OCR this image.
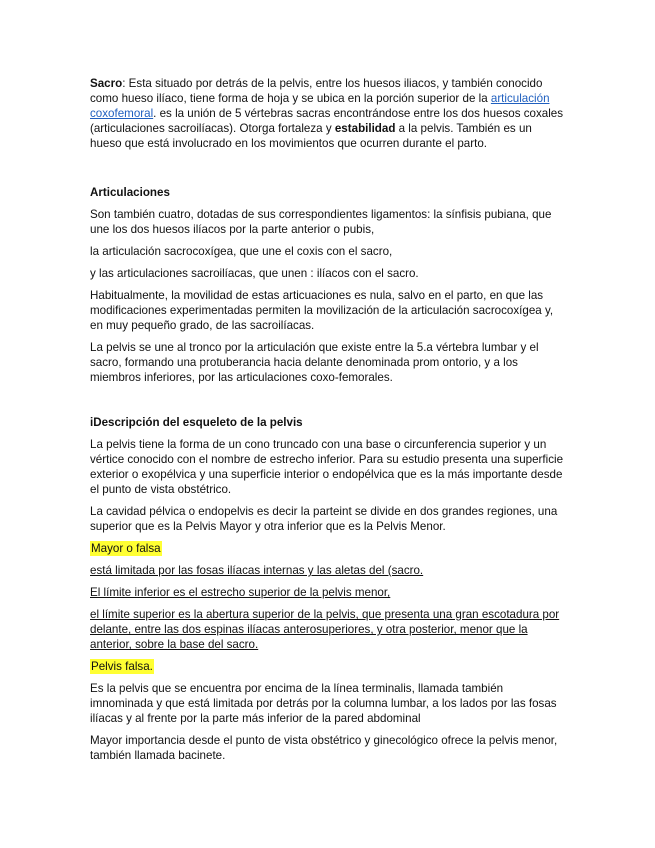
Sacro: Esta situado por detrás de la pelvis, entre los huesos iliacos, y también conocido como hueso ilíaco, tiene forma de hoja y se ubica en la porción superior de la articulación coxofemoral. es la unión de 5 vértebras sacras encontrándose entre los dos huesos coxales (articulaciones sacroilíacas). Otorga fortaleza y estabilidad a la pelvis. También es un hueso que está involucrado en los movimientos que ocurren durante el parto.

Articulaciones

Son también cuatro, dotadas de sus correspondientes ligamentos: la sínfisis pubiana, que une los dos huesos ilíacos por la parte anterior o pubis,

la articulación sacrocoxígea, que une el coxis con el sacro,

y las articulaciones sacroilíacas, que unen : ilíacos con el sacro.

Habitualmente, la movilidad de estas articuaciones es nula, salvo en el parto, en que las modificaciones experimentadas permiten la movilización de la articulación sacrocoxígea y, en muy pequeño grado, de las sacroilíacas.

La pelvis se une al tronco por la articulación que existe entre la 5.a vértebra lumbar y el sacro, formando una protuberancia hacia delante denominada prom ontorio, y a los miembros inferiores, por las articulaciones coxo-femorales.

iDescripción del esqueleto de la pelvis

La pelvis tiene la forma de un cono truncado con una base o circunferencia superior y un vértice conocido con el nombre de estrecho inferior. Para su estudio presenta una superficie exterior o exopélvica y una superficie interior o endopélvica que es la más importante desde el punto de vista obstétrico.

La cavidad pélvica o endopelvis es decir la parteint se divide en dos grandes regiones, una superior que es la Pelvis Mayor y otra inferior que es la Pelvis Menor.

Mayor o falsa

está limitada por las fosas ilíacas internas y las aletas del (sacro.

El límite inferior es el estrecho superior de la pelvis menor,

el límite superior es la abertura superior de la pelvis, que presenta una gran escotadura por delante, entre las dos espinas ilíacas anterosuperiores, y otra posterior, menor que la anterior, sobre la base del sacro.

Pelvis falsa.

Es la pelvis que se encuentra por encima de la línea terminalis, llamada también imnominada y que está limitada por detrás por la columna lumbar, a los lados por las fosas ilíacas y al frente por la parte más inferior de la pared abdominal

Mayor importancia desde el punto de vista obstétrico y ginecológico ofrece la pelvis menor, también llamada bacinete.
